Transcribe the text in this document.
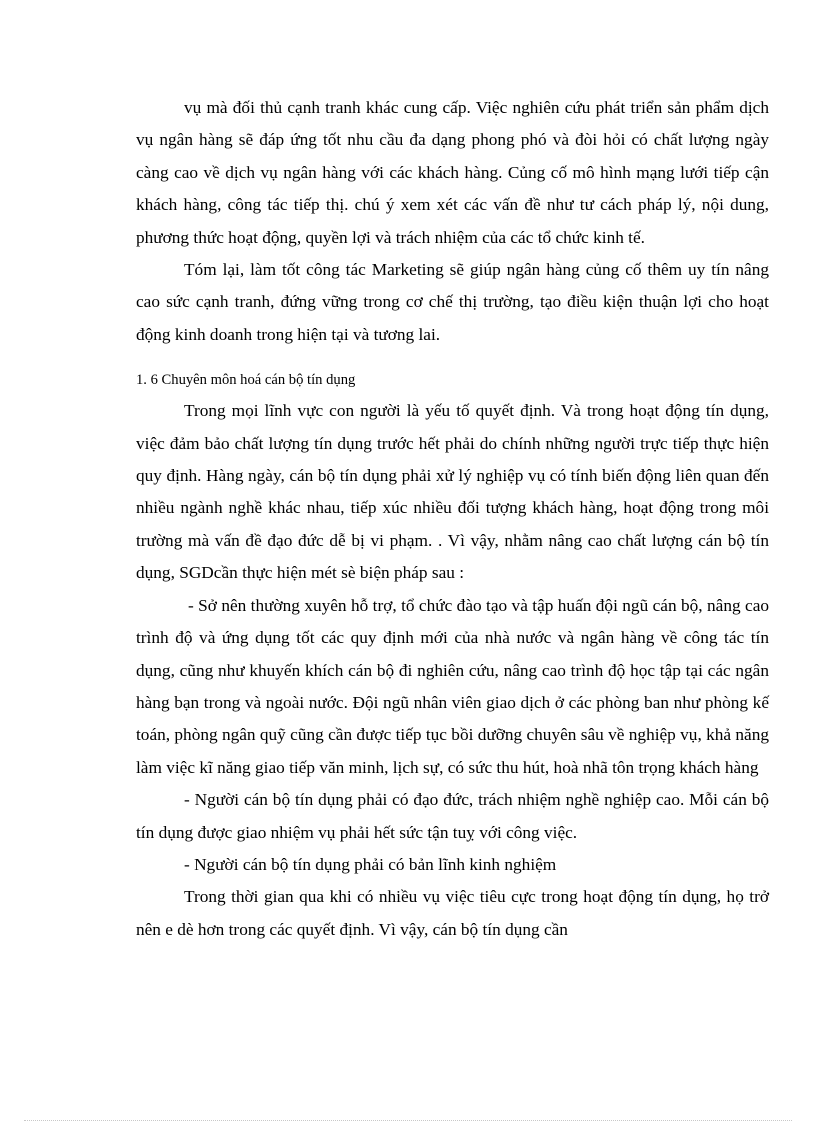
vụ mà đối thủ cạnh tranh khác cung cấp. Việc nghiên cứu phát triển sản phẩm dịch vụ ngân hàng sẽ đáp ứng tốt nhu cầu đa dạng phong phó và đòi hỏi có chất lượng ngày càng cao về dịch vụ ngân hàng với các khách hàng. Củng cố mô hình mạng lưới tiếp cận khách hàng, công tác tiếp thị. chú ý xem xét các vấn đề như tư cách pháp lý, nội dung, phương thức hoạt động, quyền lợi và trách nhiệm của các tổ chức kinh tế.

Tóm lại, làm tốt công tác Marketing sẽ giúp ngân hàng củng cố thêm uy tín nâng cao sức cạnh tranh, đứng vững trong cơ chế thị trường, tạo điều kiện thuận lợi cho hoạt động kinh doanh trong hiện tại và tương lai.

1. 6 Chuyên môn hoá cán bộ tín dụng

Trong mọi lĩnh vực con người là yếu tố quyết định. Và trong hoạt động tín dụng, việc đảm bảo chất lượng tín dụng trước hết phải do chính những người trực tiếp thực hiện quy định. Hàng ngày, cán bộ tín dụng phải xử lý nghiệp vụ có tính biến động liên quan đến nhiều ngành nghề khác nhau, tiếp xúc nhiều đối tượng khách hàng, hoạt động trong môi trường mà vấn đề đạo đức dễ bị vi phạm. . Vì vậy, nhằm nâng cao chất lượng cán bộ tín dụng, SGDcần thực hiện mét sè biện pháp sau :

- Sở nên thường xuyên hỗ trợ, tổ chức đào tạo và tập huấn đội ngũ cán bộ, nâng cao trình độ và ứng dụng tốt các quy định mới của nhà nước và ngân hàng về công tác tín dụng, cũng như khuyến khích cán bộ đi nghiên cứu, nâng cao trình độ học tập tại các ngân hàng bạn trong và ngoài nước. Đội ngũ nhân viên giao dịch ở các phòng ban như phòng kế toán, phòng ngân quỹ cũng cần được tiếp tục bồi dưỡng chuyên sâu về nghiệp vụ, khả năng làm việc kĩ năng giao tiếp văn minh, lịch sự, có sức thu hút, hoà nhã tôn trọng khách hàng

- Người cán bộ tín dụng phải có đạo đức, trách nhiệm nghề nghiệp cao. Mỗi cán bộ tín dụng được giao nhiệm vụ phải hết sức tận tuỵ với công việc.

- Người cán bộ tín dụng phải có bản lĩnh kinh nghiệm

Trong thời gian qua khi có nhiều vụ việc tiêu cực trong hoạt động tín dụng, họ trở nên e dè hơn trong các quyết định. Vì vậy, cán bộ tín dụng cần
